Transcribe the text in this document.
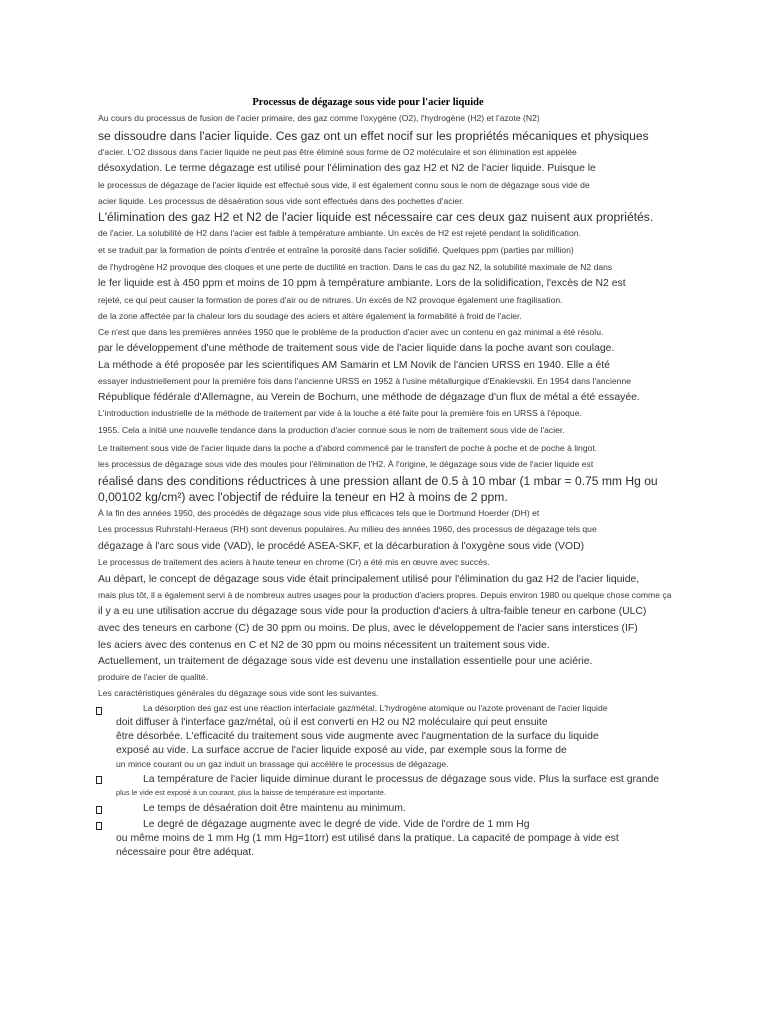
Processus de dégazage sous vide pour l'acier liquide
Au cours du processus de fusion de l'acier primaire, des gaz comme l'oxygène (O2), l'hydrogène (H2) et l'azote (N2)
se dissoudre dans l'acier liquide. Ces gaz ont un effet nocif sur les propriétés mécaniques et physiques
d'acier. L'O2 dissous dans l'acier liquide ne peut pas être éliminé sous forme de O2 moléculaire et son élimination est appelée
désoxydation. Le terme dégazage est utilisé pour l'élimination des gaz H2 et N2 de l'acier liquide. Puisque le
le processus de dégazage de l'acier liquide est effectué sous vide, il est également connu sous le nom de dégazage sous vide de
acier liquide. Les processus de désaération sous vide sont effectués dans des pochettes d'acier.
L'élimination des gaz H2 et N2 de l'acier liquide est nécessaire car ces deux gaz nuisent aux propriétés.
de l'acier. La solubilité de H2 dans l'acier est faible à température ambiante. Un excès de H2 est rejeté pendant la solidification.
et se traduit par la formation de points d'entrée et entraîne la porosité dans l'acier solidifié. Quelques ppm (parties par million)
de l'hydrogène H2 provoque des cloques et une perte de ductilité en traction. Dans le cas du gaz N2, la solubilité maximale de N2 dans
le fer liquide est à 450 ppm et moins de 10 ppm à température ambiante. Lors de la solidification, l'excès de N2 est
rejeté, ce qui peut causer la formation de pores d'air ou de nitrures. Un excès de N2 provoque également une fragilisation.
de la zone affectée par la chaleur lors du soudage des aciers et altère également la formabilité à froid de l'acier.
Ce n'est que dans les premières années 1950 que le problème de la production d'acier avec un contenu en gaz minimal a été résolu.
par le développement d'une méthode de traitement sous vide de l'acier liquide dans la poche avant son coulage.
La méthode a été proposée par les scientifiques AM Samarin et LM Novik de l'ancien URSS en 1940. Elle a été
essayer industriellement pour la première fois dans l'ancienne URSS en 1952 à l'usine métallurgique d'Enakievskii. En 1954 dans l'ancienne
République fédérale d'Allemagne, au Verein de Bochum, une méthode de dégazage d'un flux de métal a été essayée.
L'introduction industrielle de la méthode de traitement par vide à la louche a été faite pour la première fois en URSS à l'époque.
1955. Cela a initié une nouvelle tendance dans la production d'acier connue sous le nom de traitement sous vide de l'acier.
Le traitement sous vide de l'acier liquide dans la poche a d'abord commencé par le transfert de poche à poche et de poche à lingot.
les processus de dégazage sous vide des moules pour l'élimination de l'H2. À l'origine, le dégazage sous vide de l'acier liquide est
réalisé dans des conditions réductrices à une pression allant de 0.5 à 10 mbar (1 mbar = 0.75 mm Hg ou
0,00102 kg/cm²) avec l'objectif de réduire la teneur en H2 à moins de 2 ppm.
À la fin des années 1950, des procédés de dégazage sous vide plus efficaces tels que le Dortmund Hoerder (DH) et
Les processus Ruhrstahl-Heraeus (RH) sont devenus populaires. Au milieu des années 1960, des processus de dégazage tels que
dégazage à l'arc sous vide (VAD), le procédé ASEA-SKF, et la décarburation à l'oxygène sous vide (VOD)
Le processus de traitement des aciers à haute teneur en chrome (Cr) a été mis en œuvre avec succès.
Au départ, le concept de dégazage sous vide était principalement utilisé pour l'élimination du gaz H2 de l'acier liquide,
mais plus tôt, il a également servi à de nombreux autres usages pour la production d'aciers propres. Depuis environ 1980 ou quelque chose comme ça
il y a eu une utilisation accrue du dégazage sous vide pour la production d'aciers à ultra-faible teneur en carbone (ULC)
avec des teneurs en carbone (C) de 30 ppm ou moins. De plus, avec le développement de l'acier sans interstices (IF)
les aciers avec des contenus en C et N2 de 30 ppm ou moins nécessitent un traitement sous vide.
Actuellement, un traitement de dégazage sous vide est devenu une installation essentielle pour une aciérie.
produire de l'acier de qualité.
Les caractéristiques générales du dégazage sous vide sont les suivantes.
La désorption des gaz est une réaction interfaciale gaz/métal. L'hydrogène atomique ou l'azote provenant de l'acier liquide
doit diffuser à l'interface gaz/métal, où il est converti en H2 ou N2 moléculaire qui peut ensuite
être désorbée. L'efficacité du traitement sous vide augmente avec l'augmentation de la surface du liquide
exposé au vide. La surface accrue de l'acier liquide exposé au vide, par exemple sous la forme de
un mince courant ou un gaz induit un brassage qui accélère le processus de dégazage.
La température de l'acier liquide diminue durant le processus de dégazage sous vide. Plus la surface est grande
plus le vide est exposé à un courant, plus la baisse de température est importante.
Le temps de désaération doit être maintenu au minimum.
Le degré de dégazage augmente avec le degré de vide. Vide de l'ordre de 1 mm Hg
ou même moins de 1 mm Hg (1 mm Hg=1torr) est utilisé dans la pratique. La capacité de pompage à vide est
nécessaire pour être adéquat.
